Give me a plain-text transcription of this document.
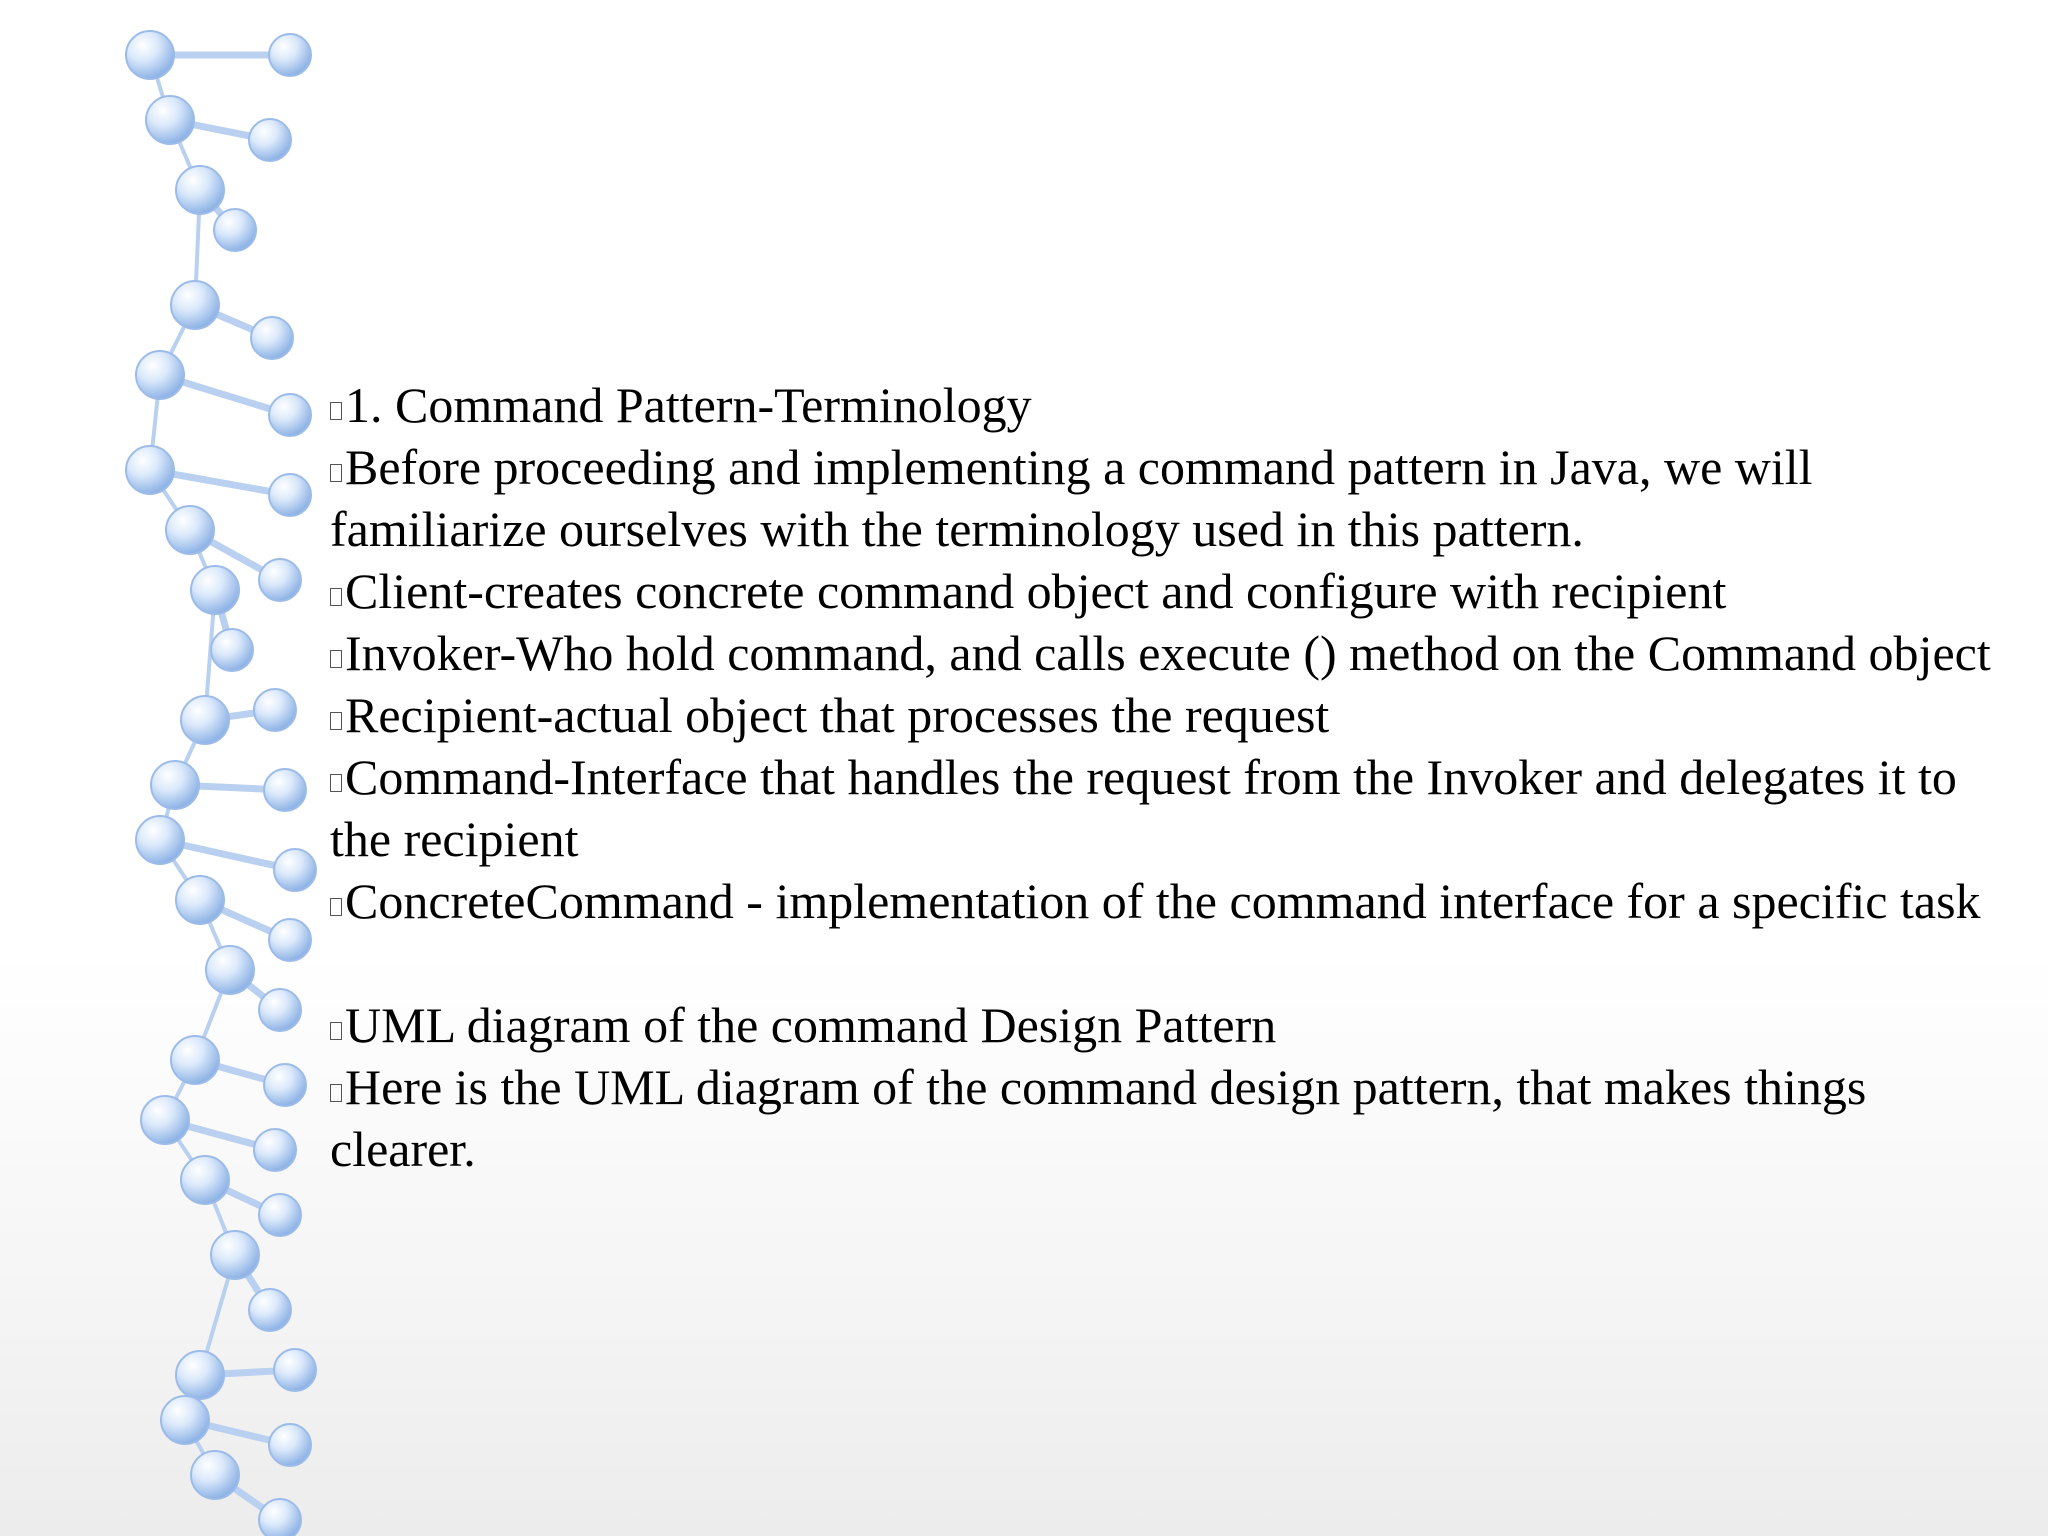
1. Command Pattern-Terminology
Before proceeding and implementing a command pattern in Java, we will familiarize ourselves with the terminology used in this pattern.
Client-creates concrete command object and configure with recipient
Invoker-Who hold command, and calls execute () method on the Command object
Recipient-actual object that processes the request
Command-Interface that handles the request from the Invoker and delegates it to the recipient
ConcreteCommand - implementation of the command interface for a specific task
UML diagram of the command Design Pattern
Here is the UML diagram of the command design pattern, that makes things clearer.
